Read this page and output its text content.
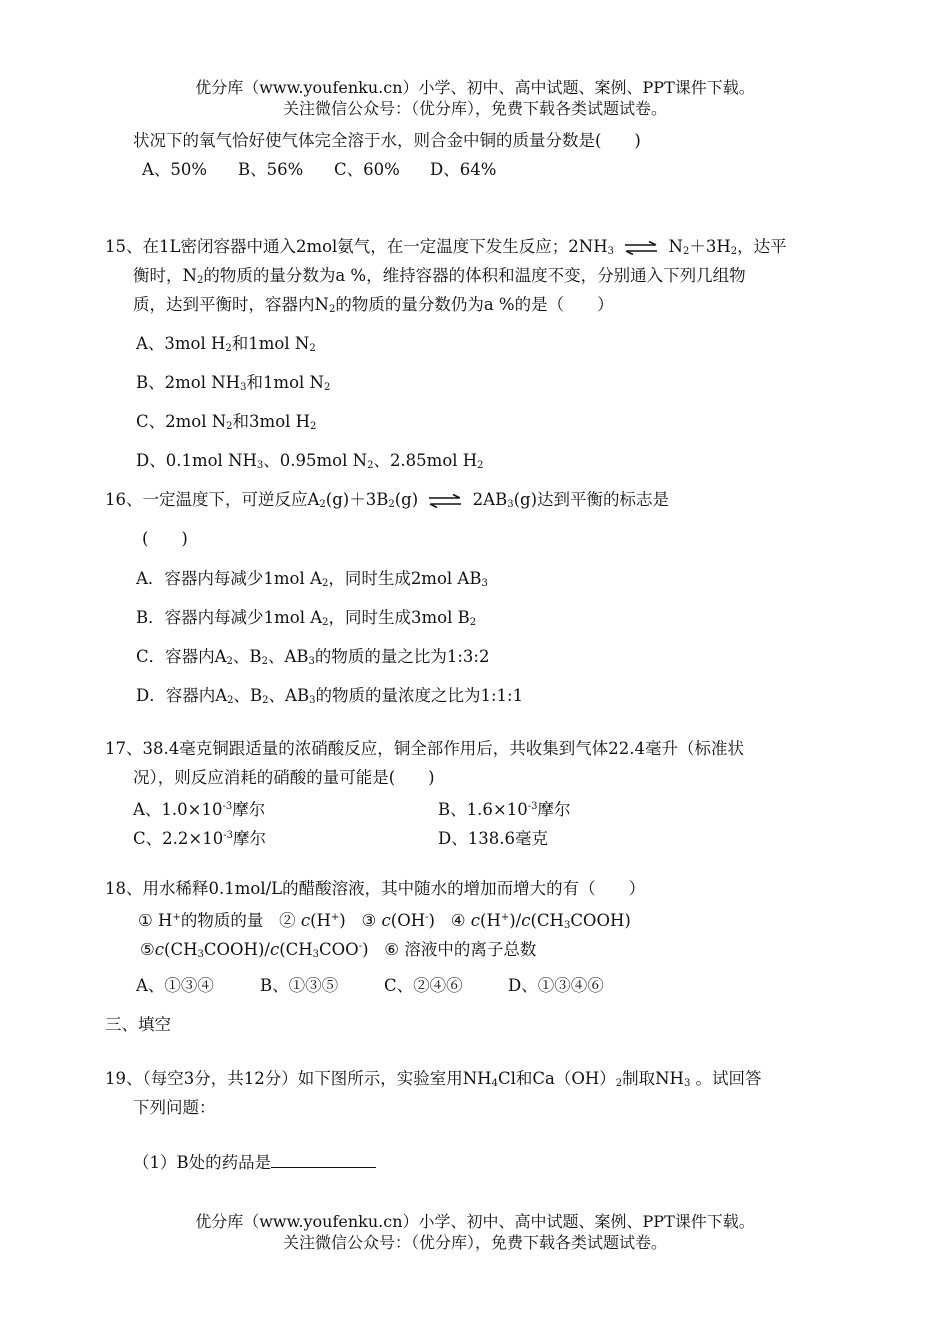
优分库（www.youfenku.cn）小学、初中、高中试题、案例、PPT课件下载。
关注微信公众号：（优分库），免费下载各类试题试卷。
状况下的氧气恰好使气体完全溶于水，则合金中铜的质量分数是(　　)
A、50% B、56% C、60% D、64%
15、在1L密闭容器中通入2mol氨气，在一定温度下发生反应；$2NH_3$ ⇌ $N_2+3H_2$，达平
衡时，$N_2$的物质的量分数为a %，维持容器的体积和温度不变，分别通入下列几组物
质，达到平衡时，容器内$N_2$的物质的量分数仍为a %的是（　　）
A、3mol $H_2$和1mol $N_2$
B、2mol $NH_3$和1mol $N_2$
C、2mol $N_2$和3mol $H_2$
D、0.1mol $NH_3$、0.95mol $N_2$、2.85mol $H_2$
16、一定温度下，可逆反应$A_2(g)+3B_2(g)$ ⇌ $2AB_3(g)$达到平衡的标志是
(　　)
A．容器内每减少1mol $A_2$，同时生成2mol $AB_3$
B．容器内每减少1mol $A_2$，同时生成3mol $B_2$
C．容器内$A_2$、$B_2$、$AB_3$的物质的量之比为1:3:2
D．容器内$A_2$、$B_2$、$AB_3$的物质的量浓度之比为1:1:1
17、38.4毫克铜跟适量的浓硝酸反应，铜全部作用后，共收集到气体22.4毫升（标准状
况），则反应消耗的硝酸的量可能是(　　)
A、$1.0\times 10^{-3}$摩尔	B、$1.6\times 10^{-3}$摩尔
C、$2.2\times 10^{-3}$摩尔	D、138.6毫克
18、用水稀释0.1mol/L的醋酸溶液，其中随水的增加而增大的有（　　）
① H+的物质的量 ② c(H+) ③ c(OH-) ④ $c(H^+)/c(CH_3COOH)$
$⑤c(CH_3COOH)/c(CH_3COO^-)$ ⑥ 溶液中的离子总数
A、①③④	B、①③⑤	C、②④⑥	D、①③④⑥
三、填空
19、（每空3分，共12分）如下图所示，实验室用$NH_4Cl$和$Ca(OH)_2$制取$NH_3$ 。试回答
下列问题：
（1）B处的药品是
优分库（www.youfenku.cn）小学、初中、高中试题、案例、PPT课件下载。
关注微信公众号：（优分库），免费下载各类试题试卷。
